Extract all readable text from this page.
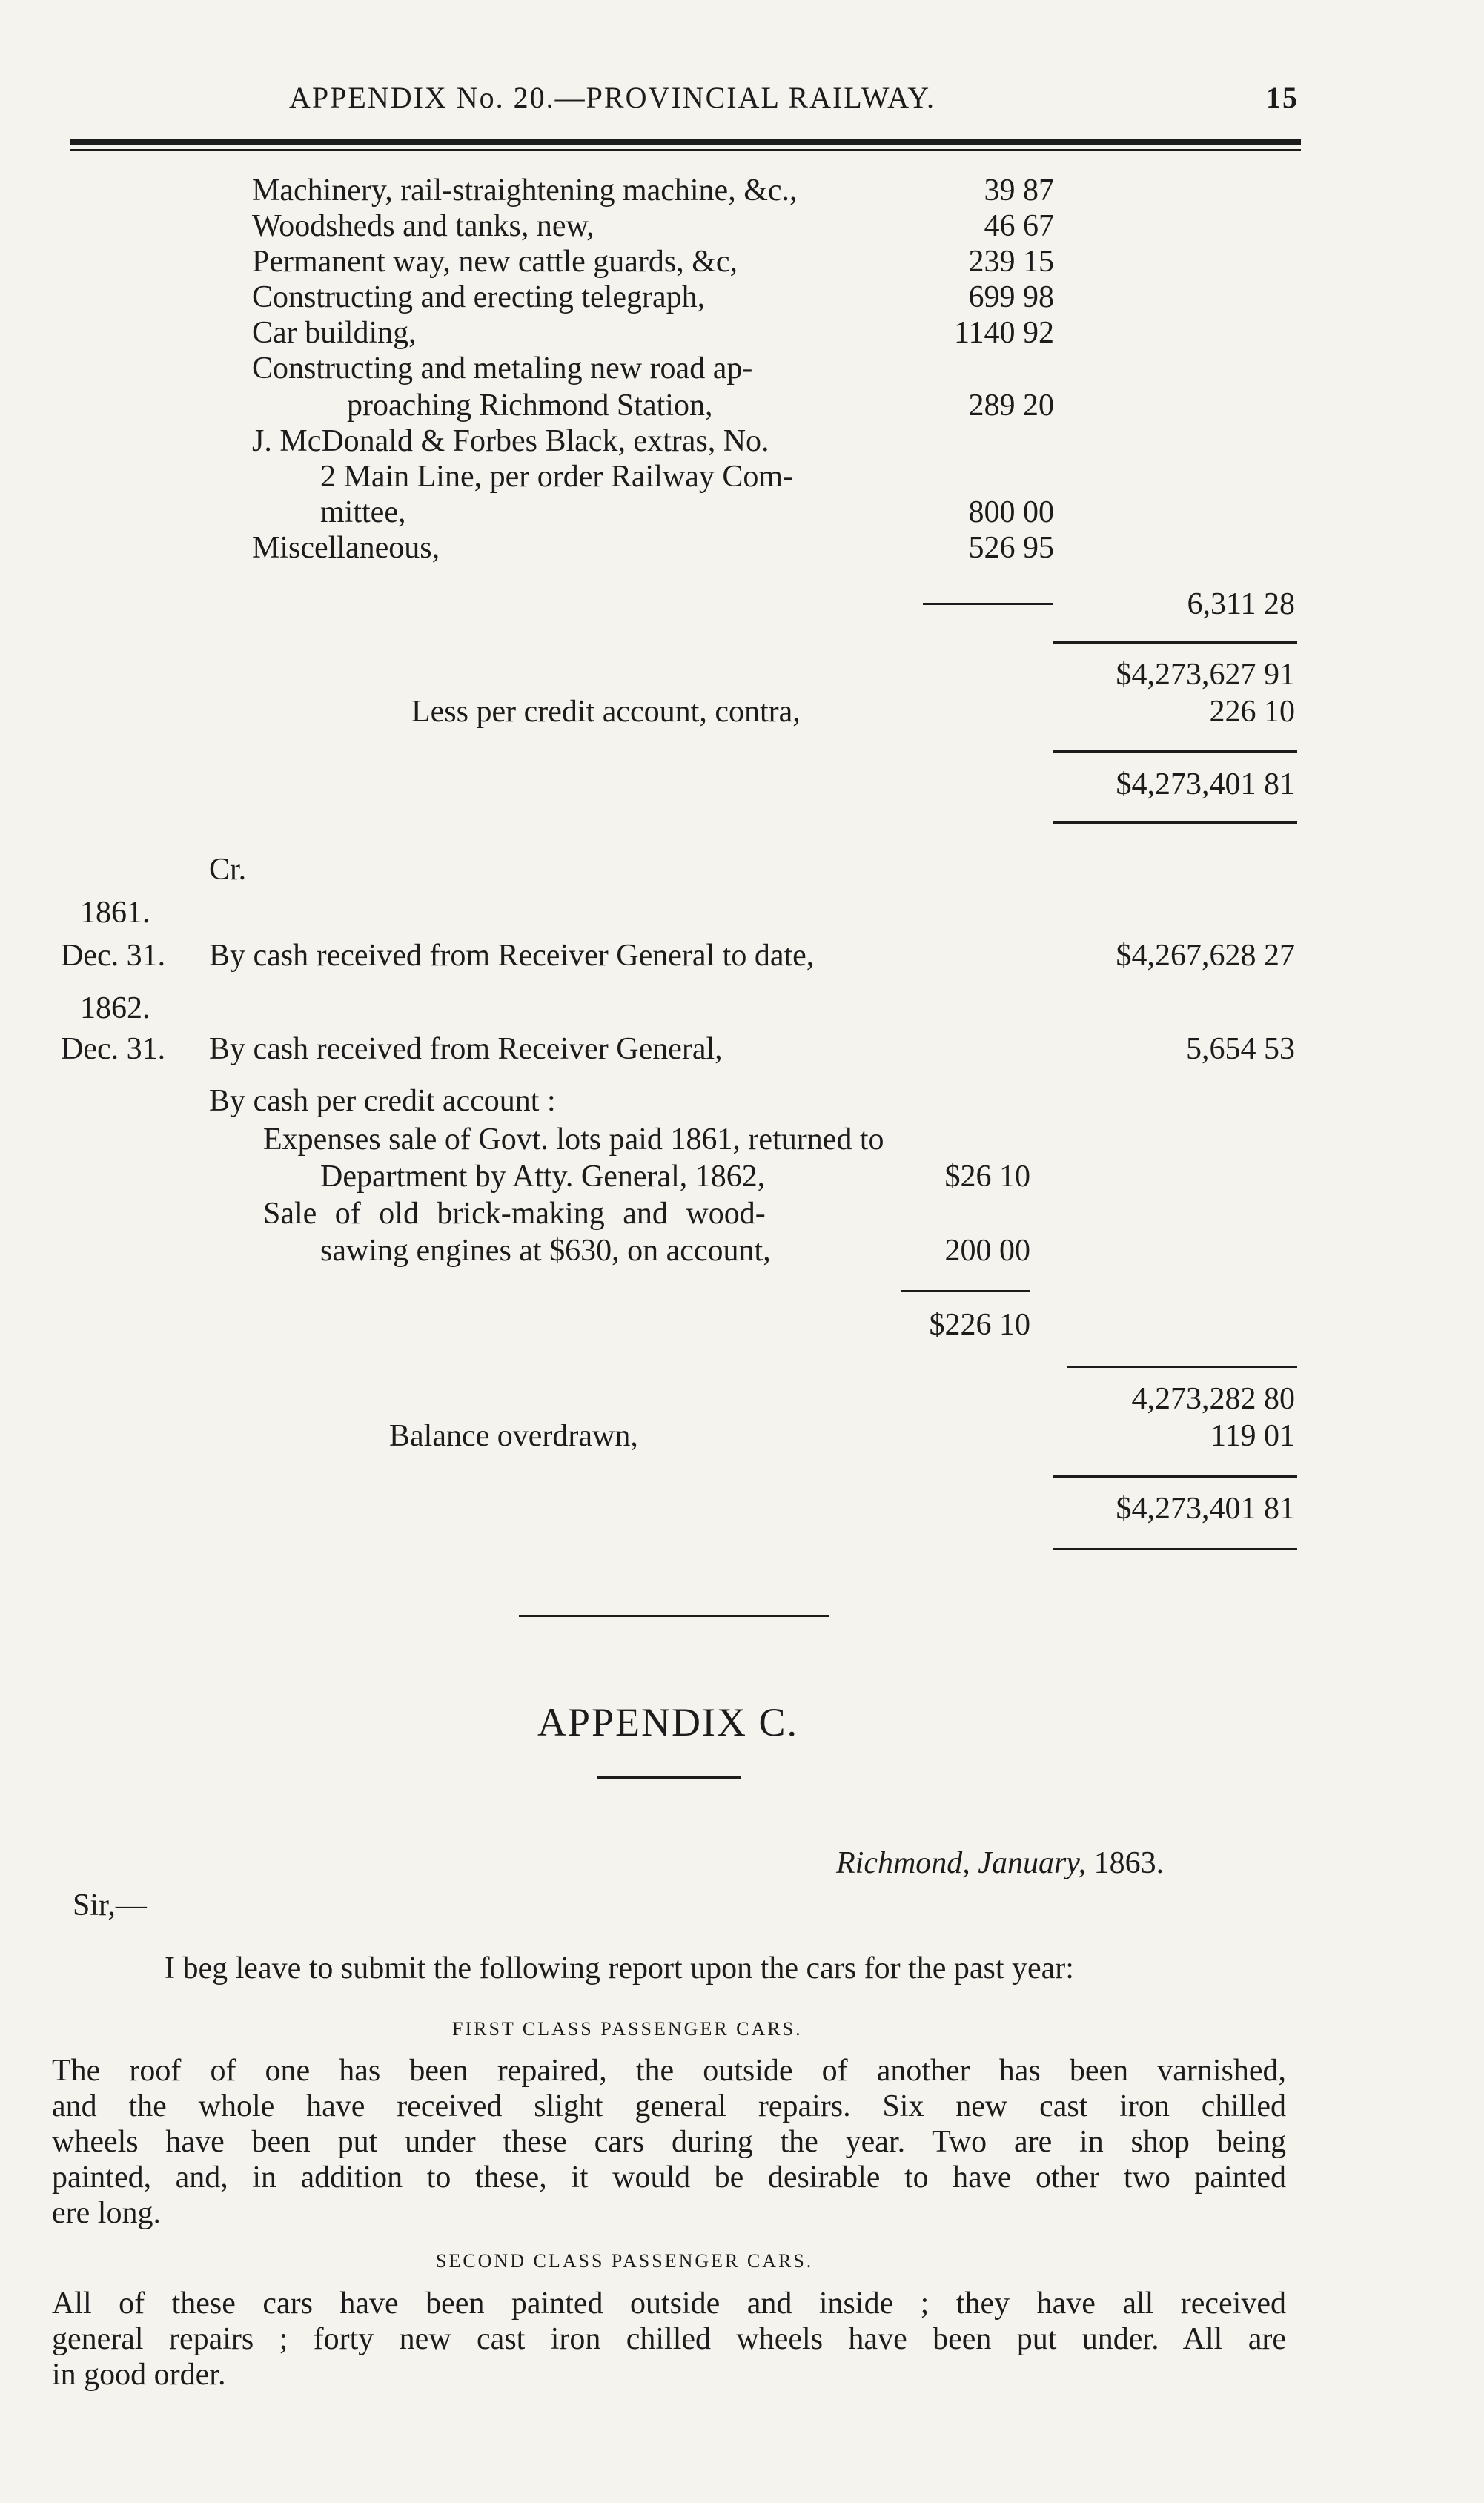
APPENDIX No. 20.—PROVINCIAL RAILWAY.	15
Machinery, rail-straightening machine, &c.,	39 87
Woodsheds and tanks, new,	46 67
Permanent way, new cattle guards, &c,	239 15
Constructing and erecting telegraph,	699 98
Car building,	1140 92
Constructing and metaling new road ap-
proaching Richmond Station,	289 20
J. McDonald & Forbes Black, extras, No.
2 Main Line, per order Railway Com-
mittee,	800 00
Miscellaneous,	526 95
6,311 28
$4,273,627 91
Less per credit account, contra,	226 10
$4,273,401 81
Cr.
1861.
Dec. 31. By cash received from Receiver General to date,	$4,267,628 27
1862.
Dec. 31. By cash received from Receiver General,	5,654 53
By cash per credit account :
Expenses sale of Govt. lots paid 1861, returned to
Department by Atty. General, 1862,	$26 10
Sale of old brick-making and wood-
sawing engines at $630, on account,	200 00
$226 10
4,273,282 80
Balance overdrawn,	119 01
$4,273,401 81
APPENDIX C.
Richmond, January, 1863.
Sir,—
I beg leave to submit the following report upon the cars for the past year:
FIRST CLASS PASSENGER CARS.
The roof of one has been repaired, the outside of another has been varnished,
and the whole have received slight general repairs. Six new cast iron chilled
wheels have been put under these cars during the year. Two are in shop being
painted, and, in addition to these, it would be desirable to have other two painted
ere long.
SECOND CLASS PASSENGER CARS.
All of these cars have been painted outside and inside ; they have all received
general repairs ; forty new cast iron chilled wheels have been put under. All are
in good order.
